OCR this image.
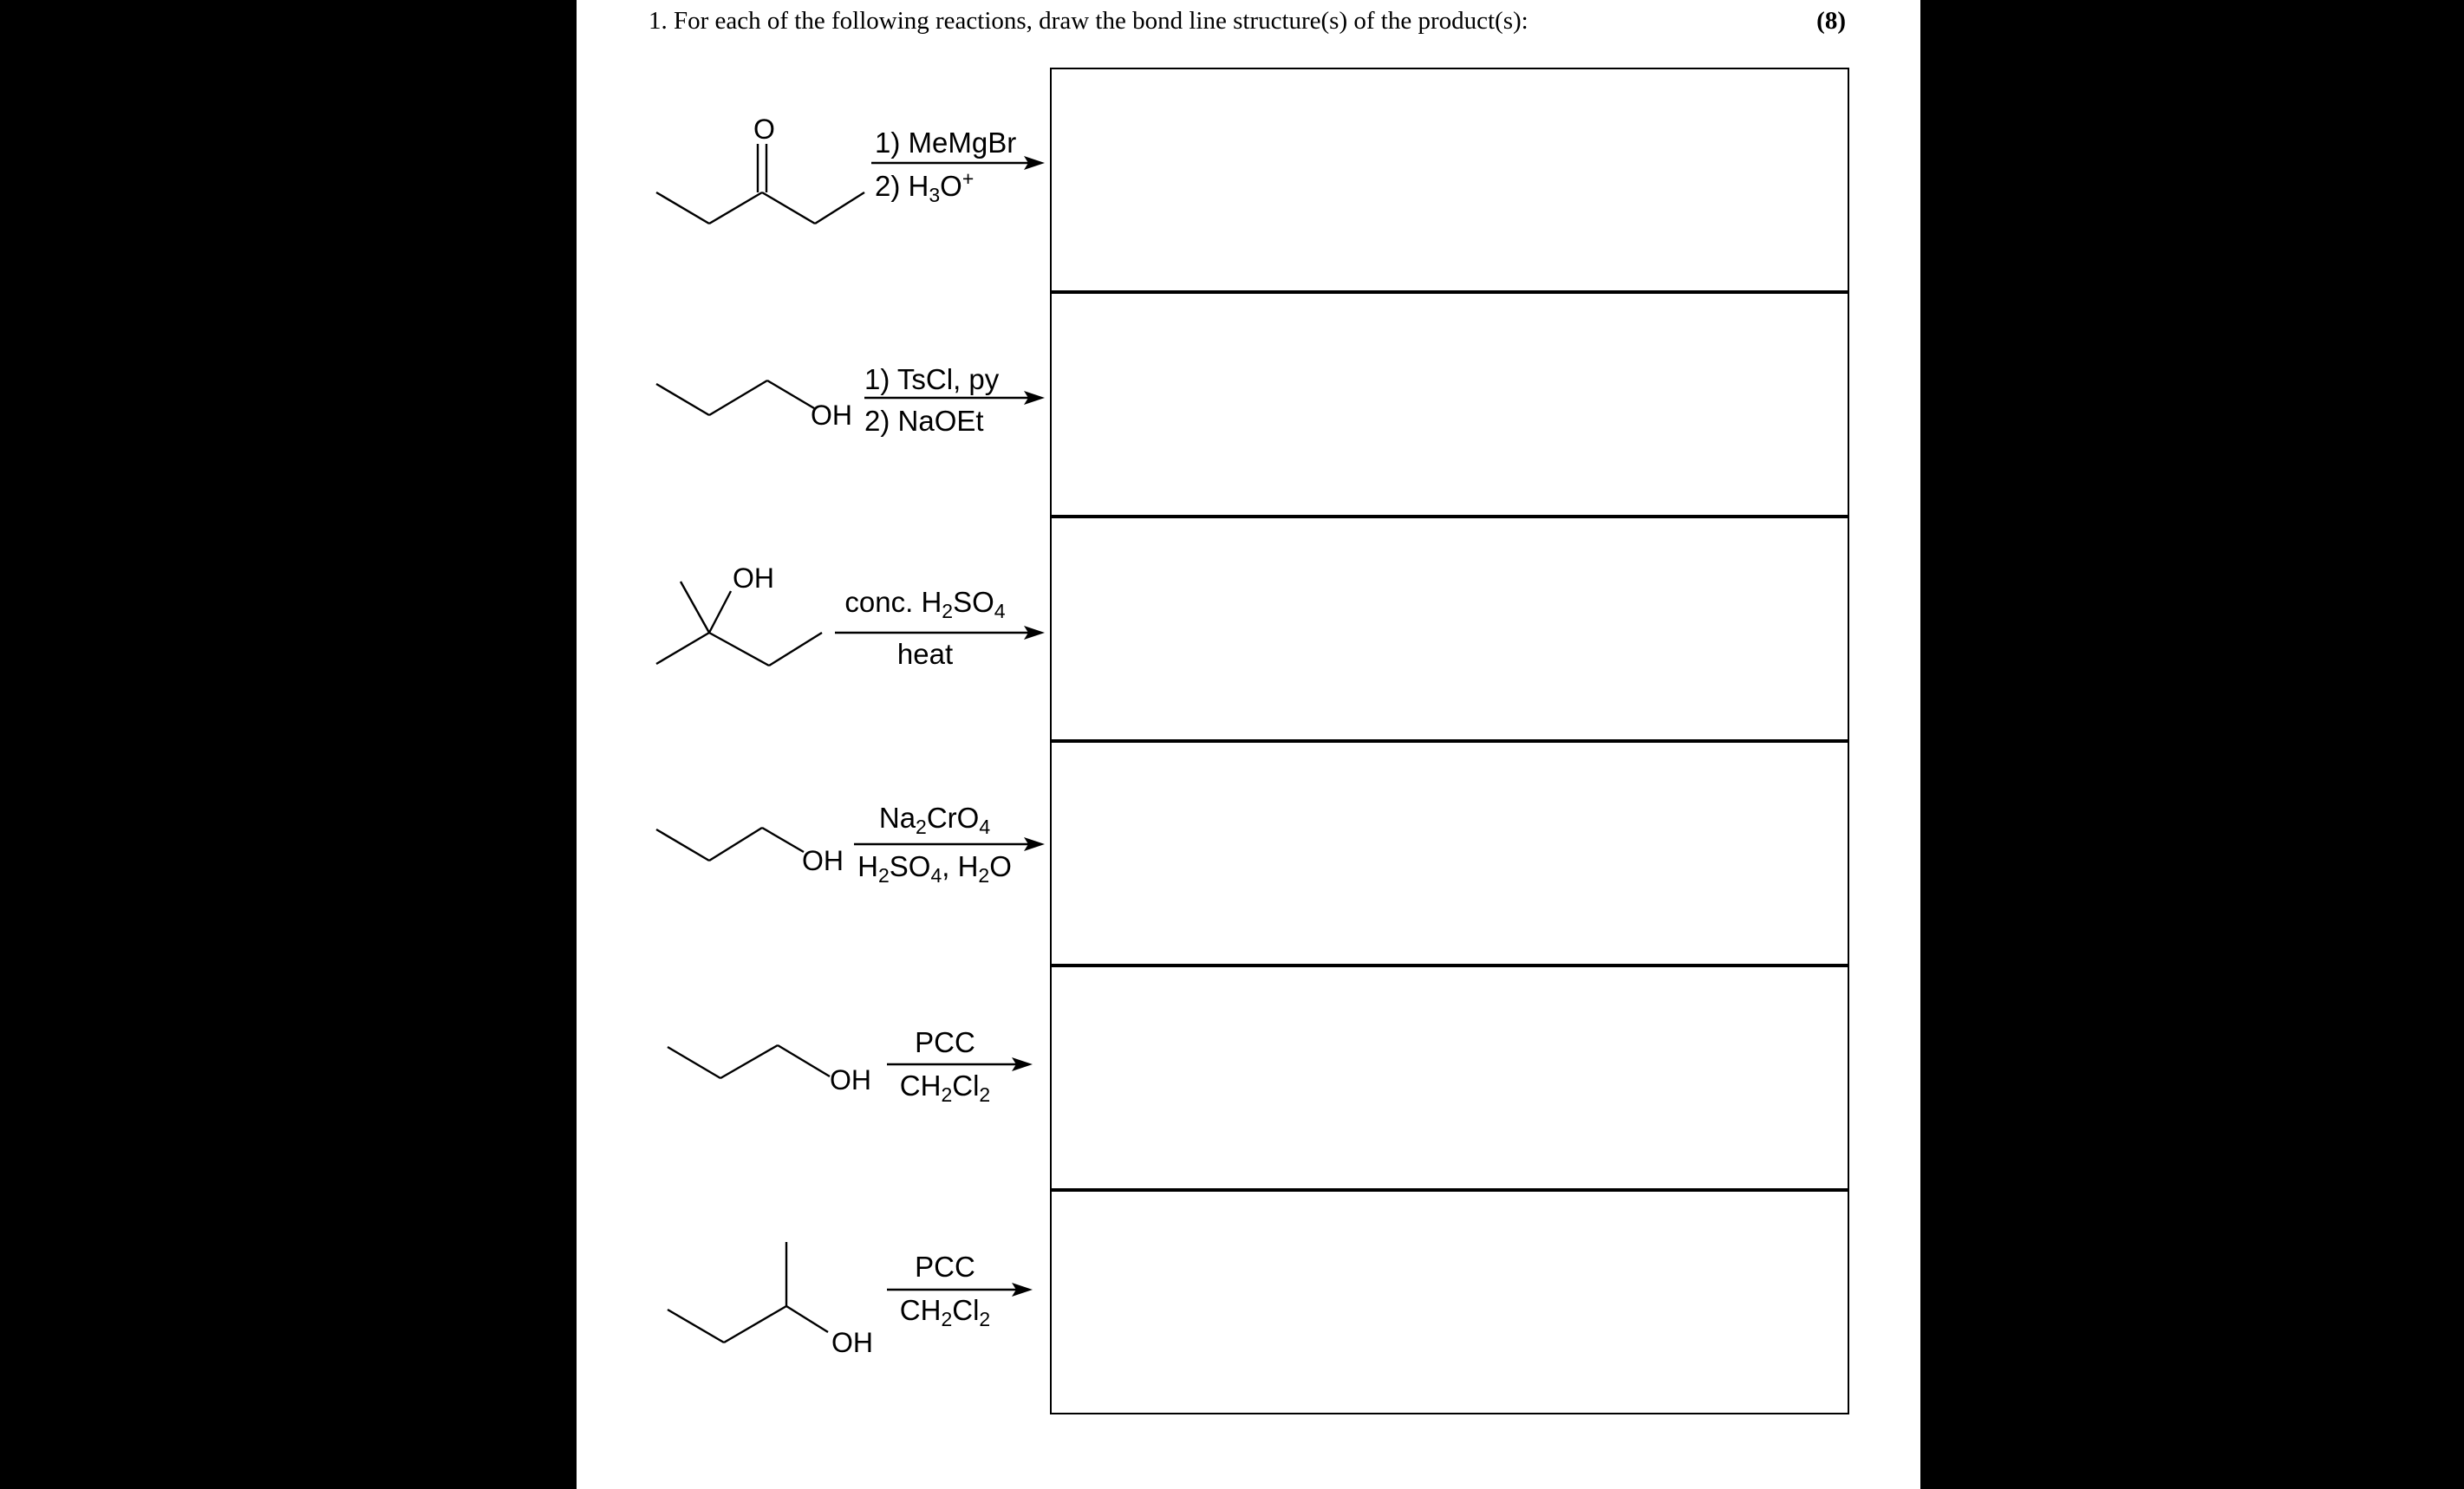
1. For each of the following reactions, draw the bond line structure(s) of the product(s):	(8)
O	1) MeMgBr
2) $H_3O^+$
OH
1) TsCl, py
2) NaOEt
OH
conc. $H_2SO_4$
heat
OH
$Na_2CrO_4$
$H_2SO_4$, $H_2O$
OH
PCC
$CH_2Cl_2$
OH
PCC
$CH_2Cl_2$
